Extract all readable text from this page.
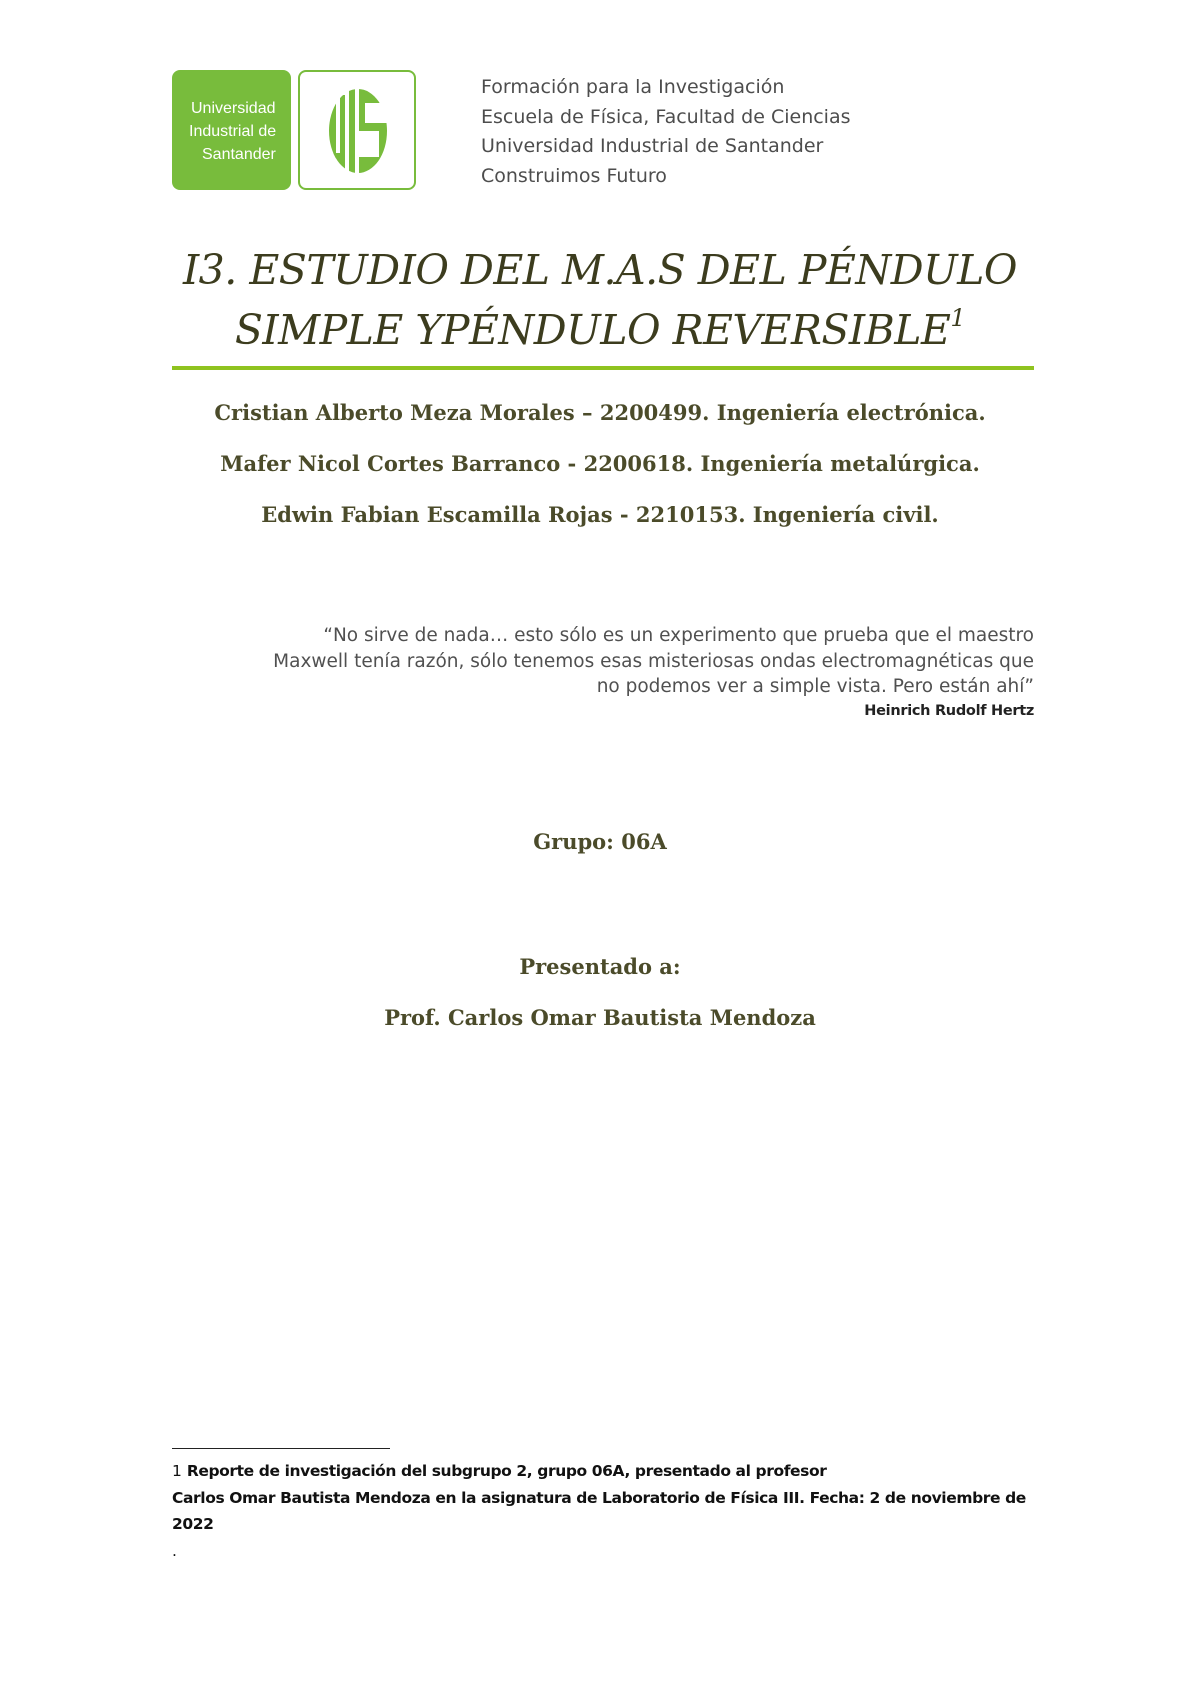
Universidad
Industrial de
Santander
Formación para la Investigación
Escuela de Física, Facultad de Ciencias
Universidad Industrial de Santander
Construimos Futuro
I3. ESTUDIO DEL M.A.S DEL PÉNDULO
SIMPLE YPÉNDULO REVERSIBLE$^1$
Cristian Alberto Meza Morales – 2200499. Ingeniería electrónica.
Mafer Nicol Cortes Barranco - 2200618. Ingeniería metalúrgica.
Edwin Fabian Escamilla Rojas - 2210153. Ingeniería civil.
“No sirve de nada… esto sólo es un experimento que prueba que el maestro
Maxwell tenía razón, sólo tenemos esas misteriosas ondas electromagnéticas que
no podemos ver a simple vista. Pero están ahí”
Heinrich Rudolf Hertz
Grupo: 06A
Presentado a:
Prof. Carlos Omar Bautista Mendoza
1 Reporte de investigación del subgrupo 2, grupo 06A, presentado al profesor
Carlos Omar Bautista Mendoza en la asignatura de Laboratorio de Física III. Fecha: 2 de noviembre de
2022
.
